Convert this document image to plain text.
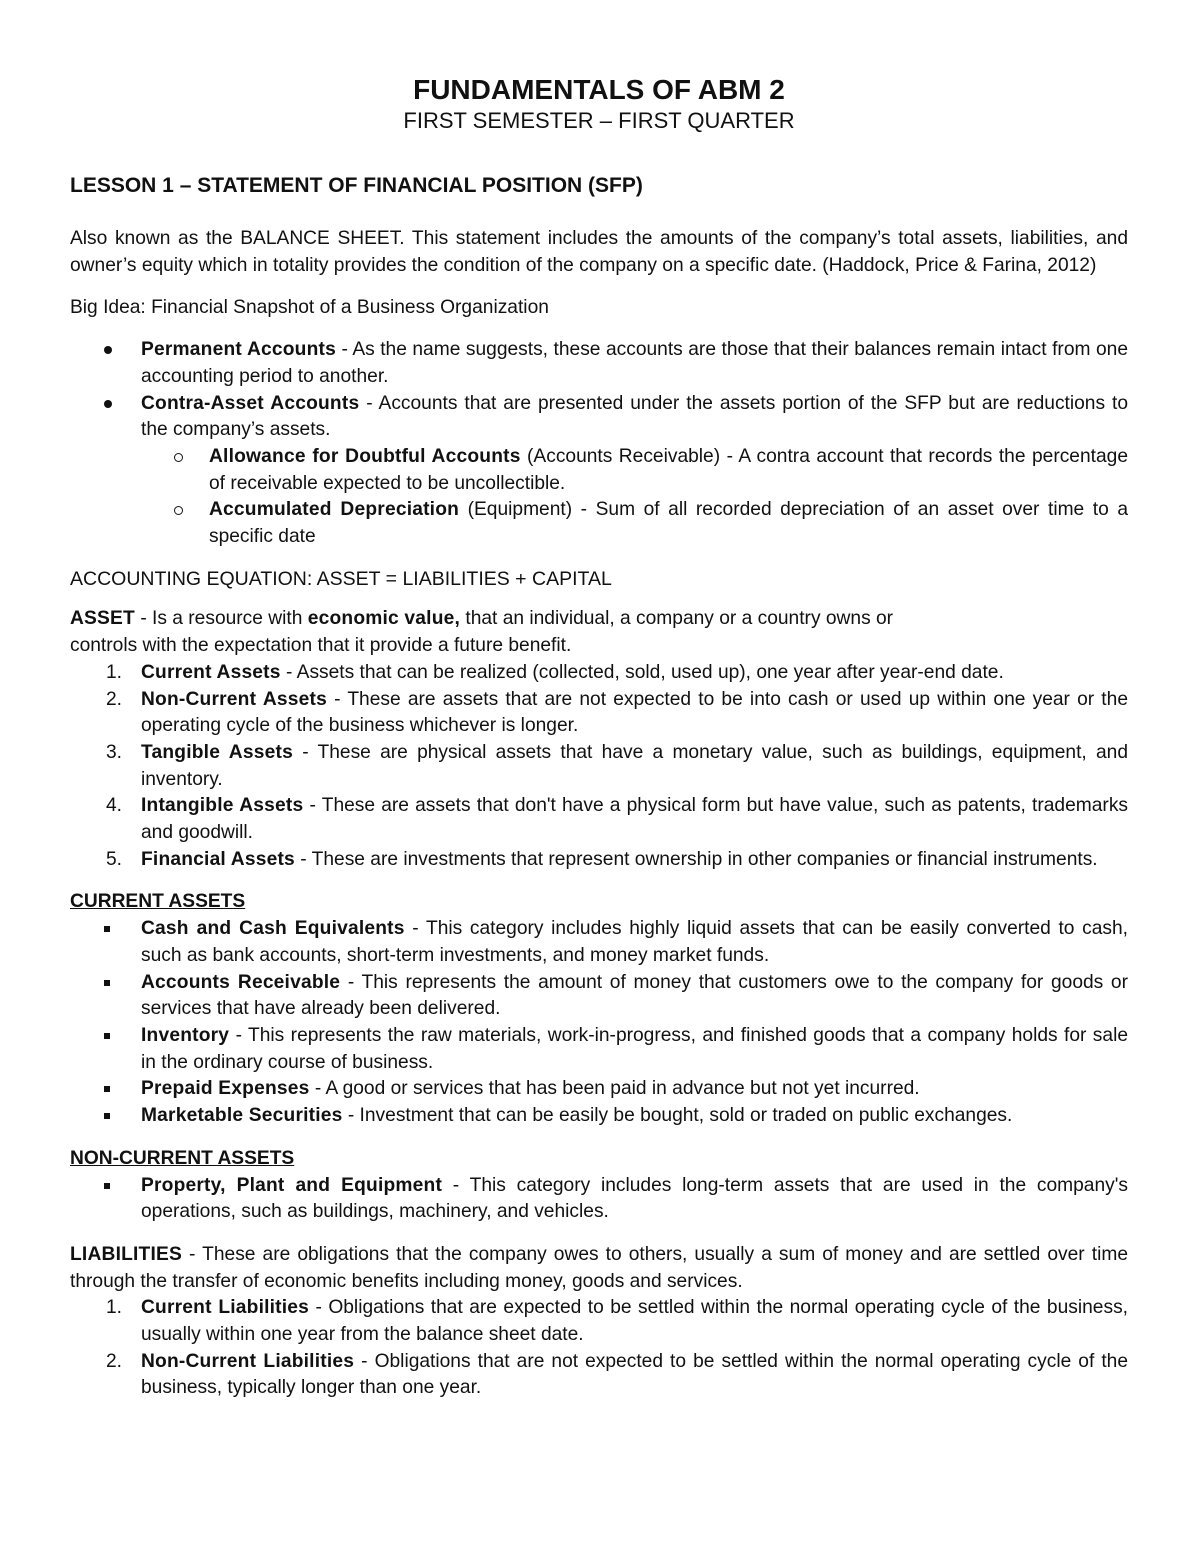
FUNDAMENTALS OF ABM 2

FIRST SEMESTER – FIRST QUARTER

LESSON 1 – STATEMENT OF FINANCIAL POSITION (SFP)

Also known as the BALANCE SHEET. This statement includes the amounts of the company’s total assets, liabilities, and owner’s equity which in totality provides the condition of the company on a specific date. (Haddock, Price & Farina, 2012)

Big Idea: Financial Snapshot of a Business Organization

Permanent Accounts - As the name suggests, these accounts are those that their balances remain intact from one accounting period to another.
Contra-Asset Accounts - Accounts that are presented under the assets portion of the SFP but are reductions to the company’s assets.
Allowance for Doubtful Accounts (Accounts Receivable) - A contra account that records the percentage of receivable expected to be uncollectible.
Accumulated Depreciation (Equipment) - Sum of all recorded depreciation of an asset over time to a specific date

ACCOUNTING EQUATION: ASSET = LIABILITIES + CAPITAL

ASSET - Is a resource with economic value, that an individual, a company or a country owns or
controls with the expectation that it provide a future benefit.

1. Current Assets - Assets that can be realized (collected, sold, used up), one year after year-end date.
2. Non-Current Assets - These are assets that are not expected to be into cash or used up within one year or the operating cycle of the business whichever is longer.
3. Tangible Assets - These are physical assets that have a monetary value, such as buildings, equipment, and inventory.
4. Intangible Assets - These are assets that don't have a physical form but have value, such as patents, trademarks and goodwill.
5. Financial Assets - These are investments that represent ownership in other companies or financial instruments.

CURRENT ASSETS

Cash and Cash Equivalents - This category includes highly liquid assets that can be easily converted to cash, such as bank accounts, short-term investments, and money market funds.
Accounts Receivable - This represents the amount of money that customers owe to the company for goods or services that have already been delivered.
Inventory - This represents the raw materials, work-in-progress, and finished goods that a company holds for sale in the ordinary course of business.
Prepaid Expenses - A good or services that has been paid in advance but not yet incurred.
Marketable Securities - Investment that can be easily be bought, sold or traded on public exchanges.

NON-CURRENT ASSETS

Property, Plant and Equipment - This category includes long-term assets that are used in the company's operations, such as buildings, machinery, and vehicles.

LIABILITIES - These are obligations that the company owes to others, usually a sum of money and are settled over time through the transfer of economic benefits including money, goods and services.

1. Current Liabilities - Obligations that are expected to be settled within the normal operating cycle of the business, usually within one year from the balance sheet date.
2. Non-Current Liabilities - Obligations that are not expected to be settled within the normal operating cycle of the business, typically longer than one year.
